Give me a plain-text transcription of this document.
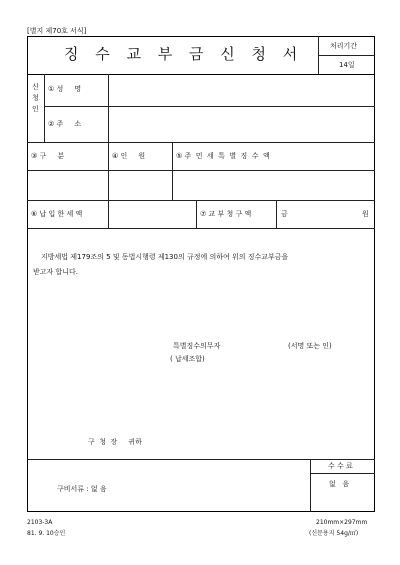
[별지 제70호 서식]
징 수 교 부 금 신 청 서	처리기간
14일
신
청
인
① 성     명
② 주     소
③ 구     분	④ 인     원	⑤ 주  민  세  특  별  징  수  액
⑥ 납 입 한 세 액	⑦ 교 부 청 구 액	금	원
지방세법 제179조의 5 및 동법시행령 제130의 규정에 의하여 위의 징수교부금을
받고자 합니다.
특별징수의무자
( 납세조합)
(서명 또는 인)
구  청  장     귀하
수 수 료
없   음
구비서류 : 없 음
2103-3A
81. 9. 10승인
210mm×297mm
(신문용지 54g/㎡)
